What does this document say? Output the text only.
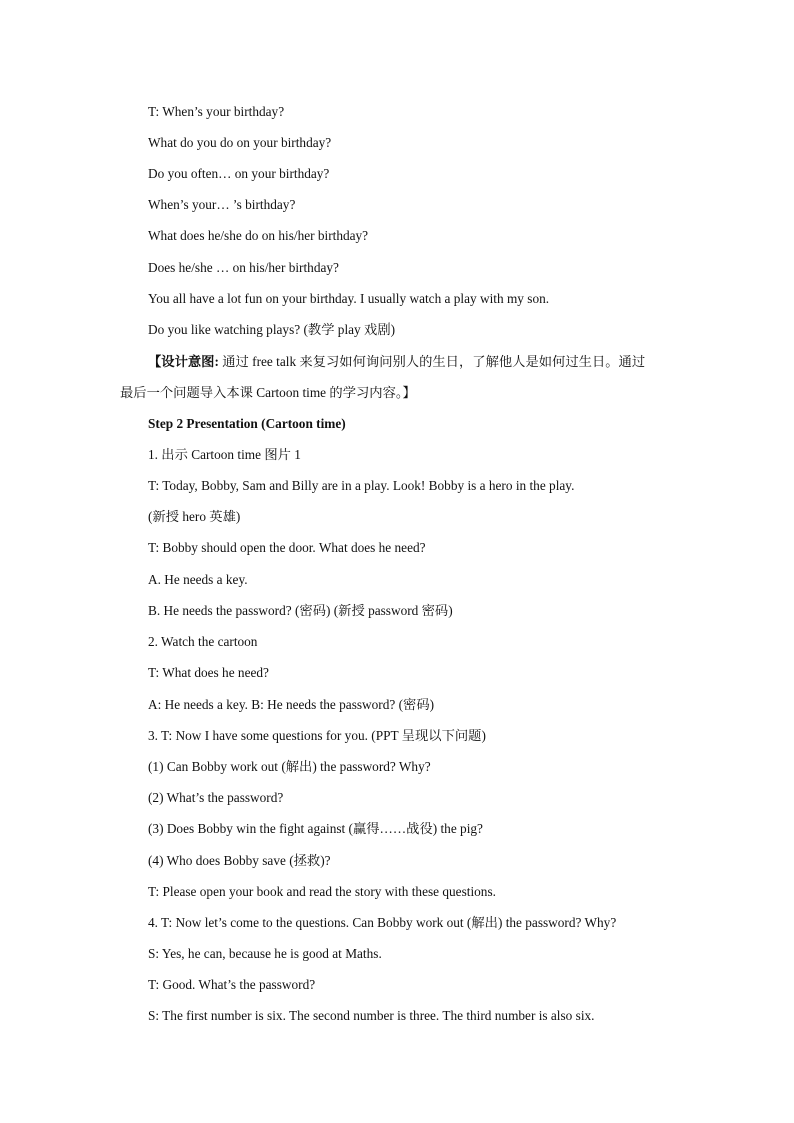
T: When’s your birthday?
What do you do on your birthday?
Do you often… on your birthday?
When’s your… ’s birthday?
What does he/she do on his/her birthday?
Does he/she … on his/her birthday?
You all have a lot fun on your birthday. I usually watch a play with my son.
Do you like watching plays? (教学 play 戏剧)
【设计意图: 通过 free talk 来复习如何询问别人的生日，了解他人是如何过生日。通过
最后一个问题导入本课 Cartoon time 的学习内容。】
Step 2 Presentation (Cartoon time)
1. 出示 Cartoon time 图片 1
T: Today, Bobby, Sam and Billy are in a play. Look! Bobby is a hero in the play.
(新授 hero 英雄)
T: Bobby should open the door. What does he need?
A. He needs a key.
B. He needs the password? (密码) (新授 password 密码)
2. Watch the cartoon
T: What does he need?
A: He needs a key. B: He needs the password? (密码)
3. T: Now I have some questions for you. (PPT 呈现以下问题)
(1) Can Bobby work out (解出) the password? Why?
(2) What’s the password?
(3) Does Bobby win the fight against (赢得……战役) the pig?
(4) Who does Bobby save (拯救)?
T: Please open your book and read the story with these questions.
4. T: Now let’s come to the questions. Can Bobby work out (解出) the password? Why?
S: Yes, he can, because he is good at Maths.
T: Good. What’s the password?
S: The first number is six. The second number is three. The third number is also six.
